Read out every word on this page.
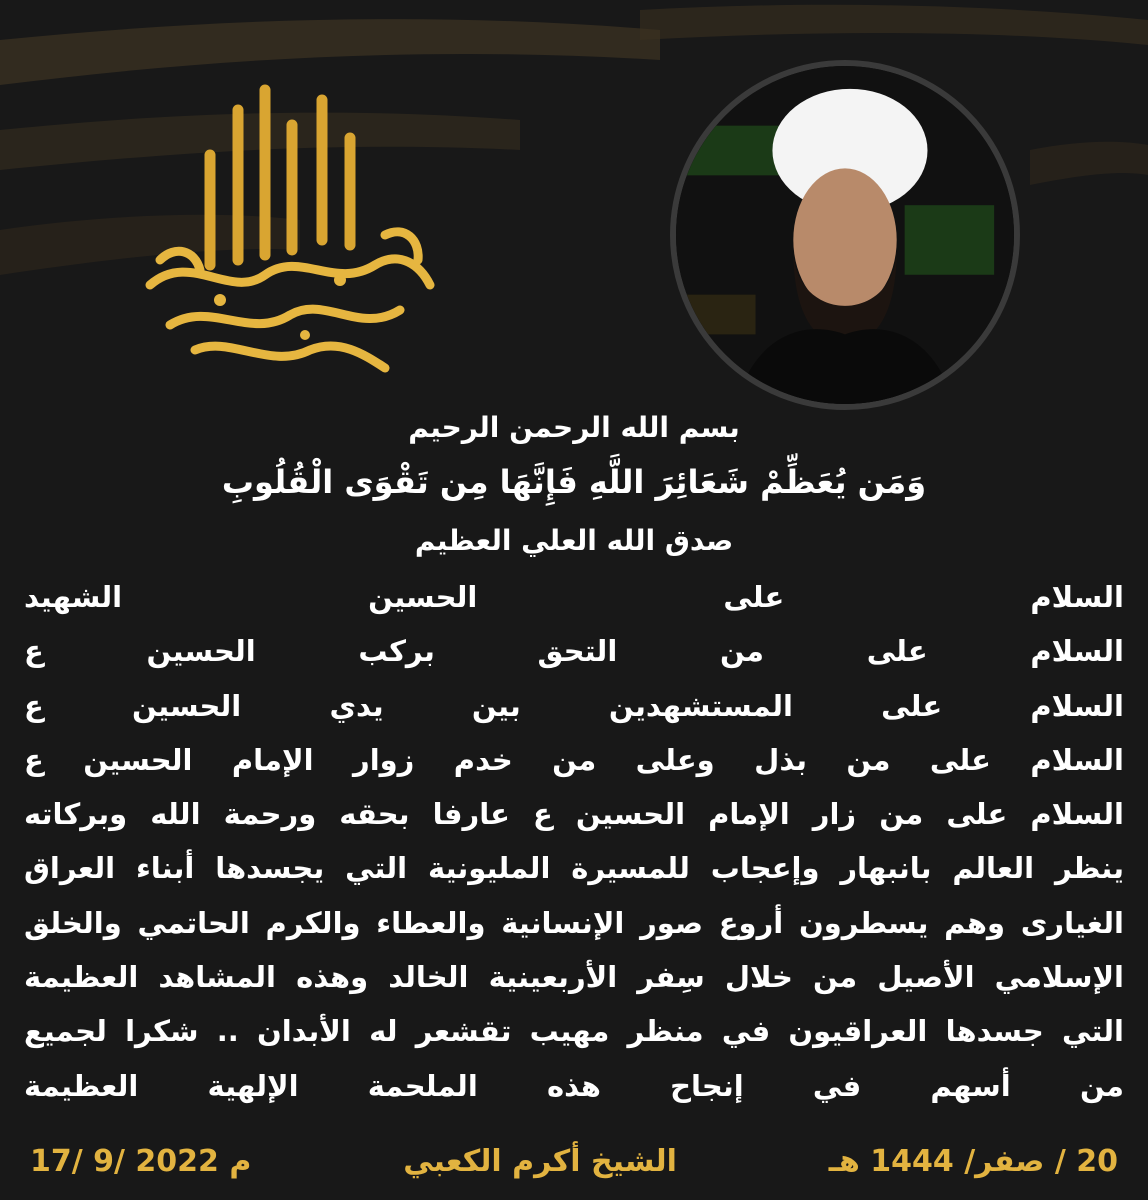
بسم الله الرحمن الرحيم

وَمَن يُعَظِّمْ شَعَائِرَ اللَّهِ فَإِنَّهَا مِن تَقْوَى الْقُلُوبِ

صدق الله العلي العظيم

السلام على الحسين الشهيد
السلام على من التحق بركب الحسين ع
السلام على المستشهدين بين يدي الحسين ع
السلام على من بذل وعلى من خدم زوار الإمام الحسين ع
السلام على من زار الإمام الحسين ع عارفا بحقه ورحمة الله وبركاته
ينظر العالم بانبهار وإعجاب للمسيرة المليونية التي يجسدها أبناء العراق
الغيارى وهم يسطرون أروع صور الإنسانية والعطاء والكرم الحاتمي والخلق
الإسلامي الأصيل من خلال سِفر الأربعينية الخالد وهذه المشاهد العظيمة
التي جسدها العراقيون في منظر مهيب تقشعر له الأبدان .. شكرا لجميع
من أسهم في إنجاح هذه الملحمة الإلهية العظيمة
17/ 9/ 2022 م	الشيخ أكرم الكعبي	20 / صفر/ 1444 هـ
